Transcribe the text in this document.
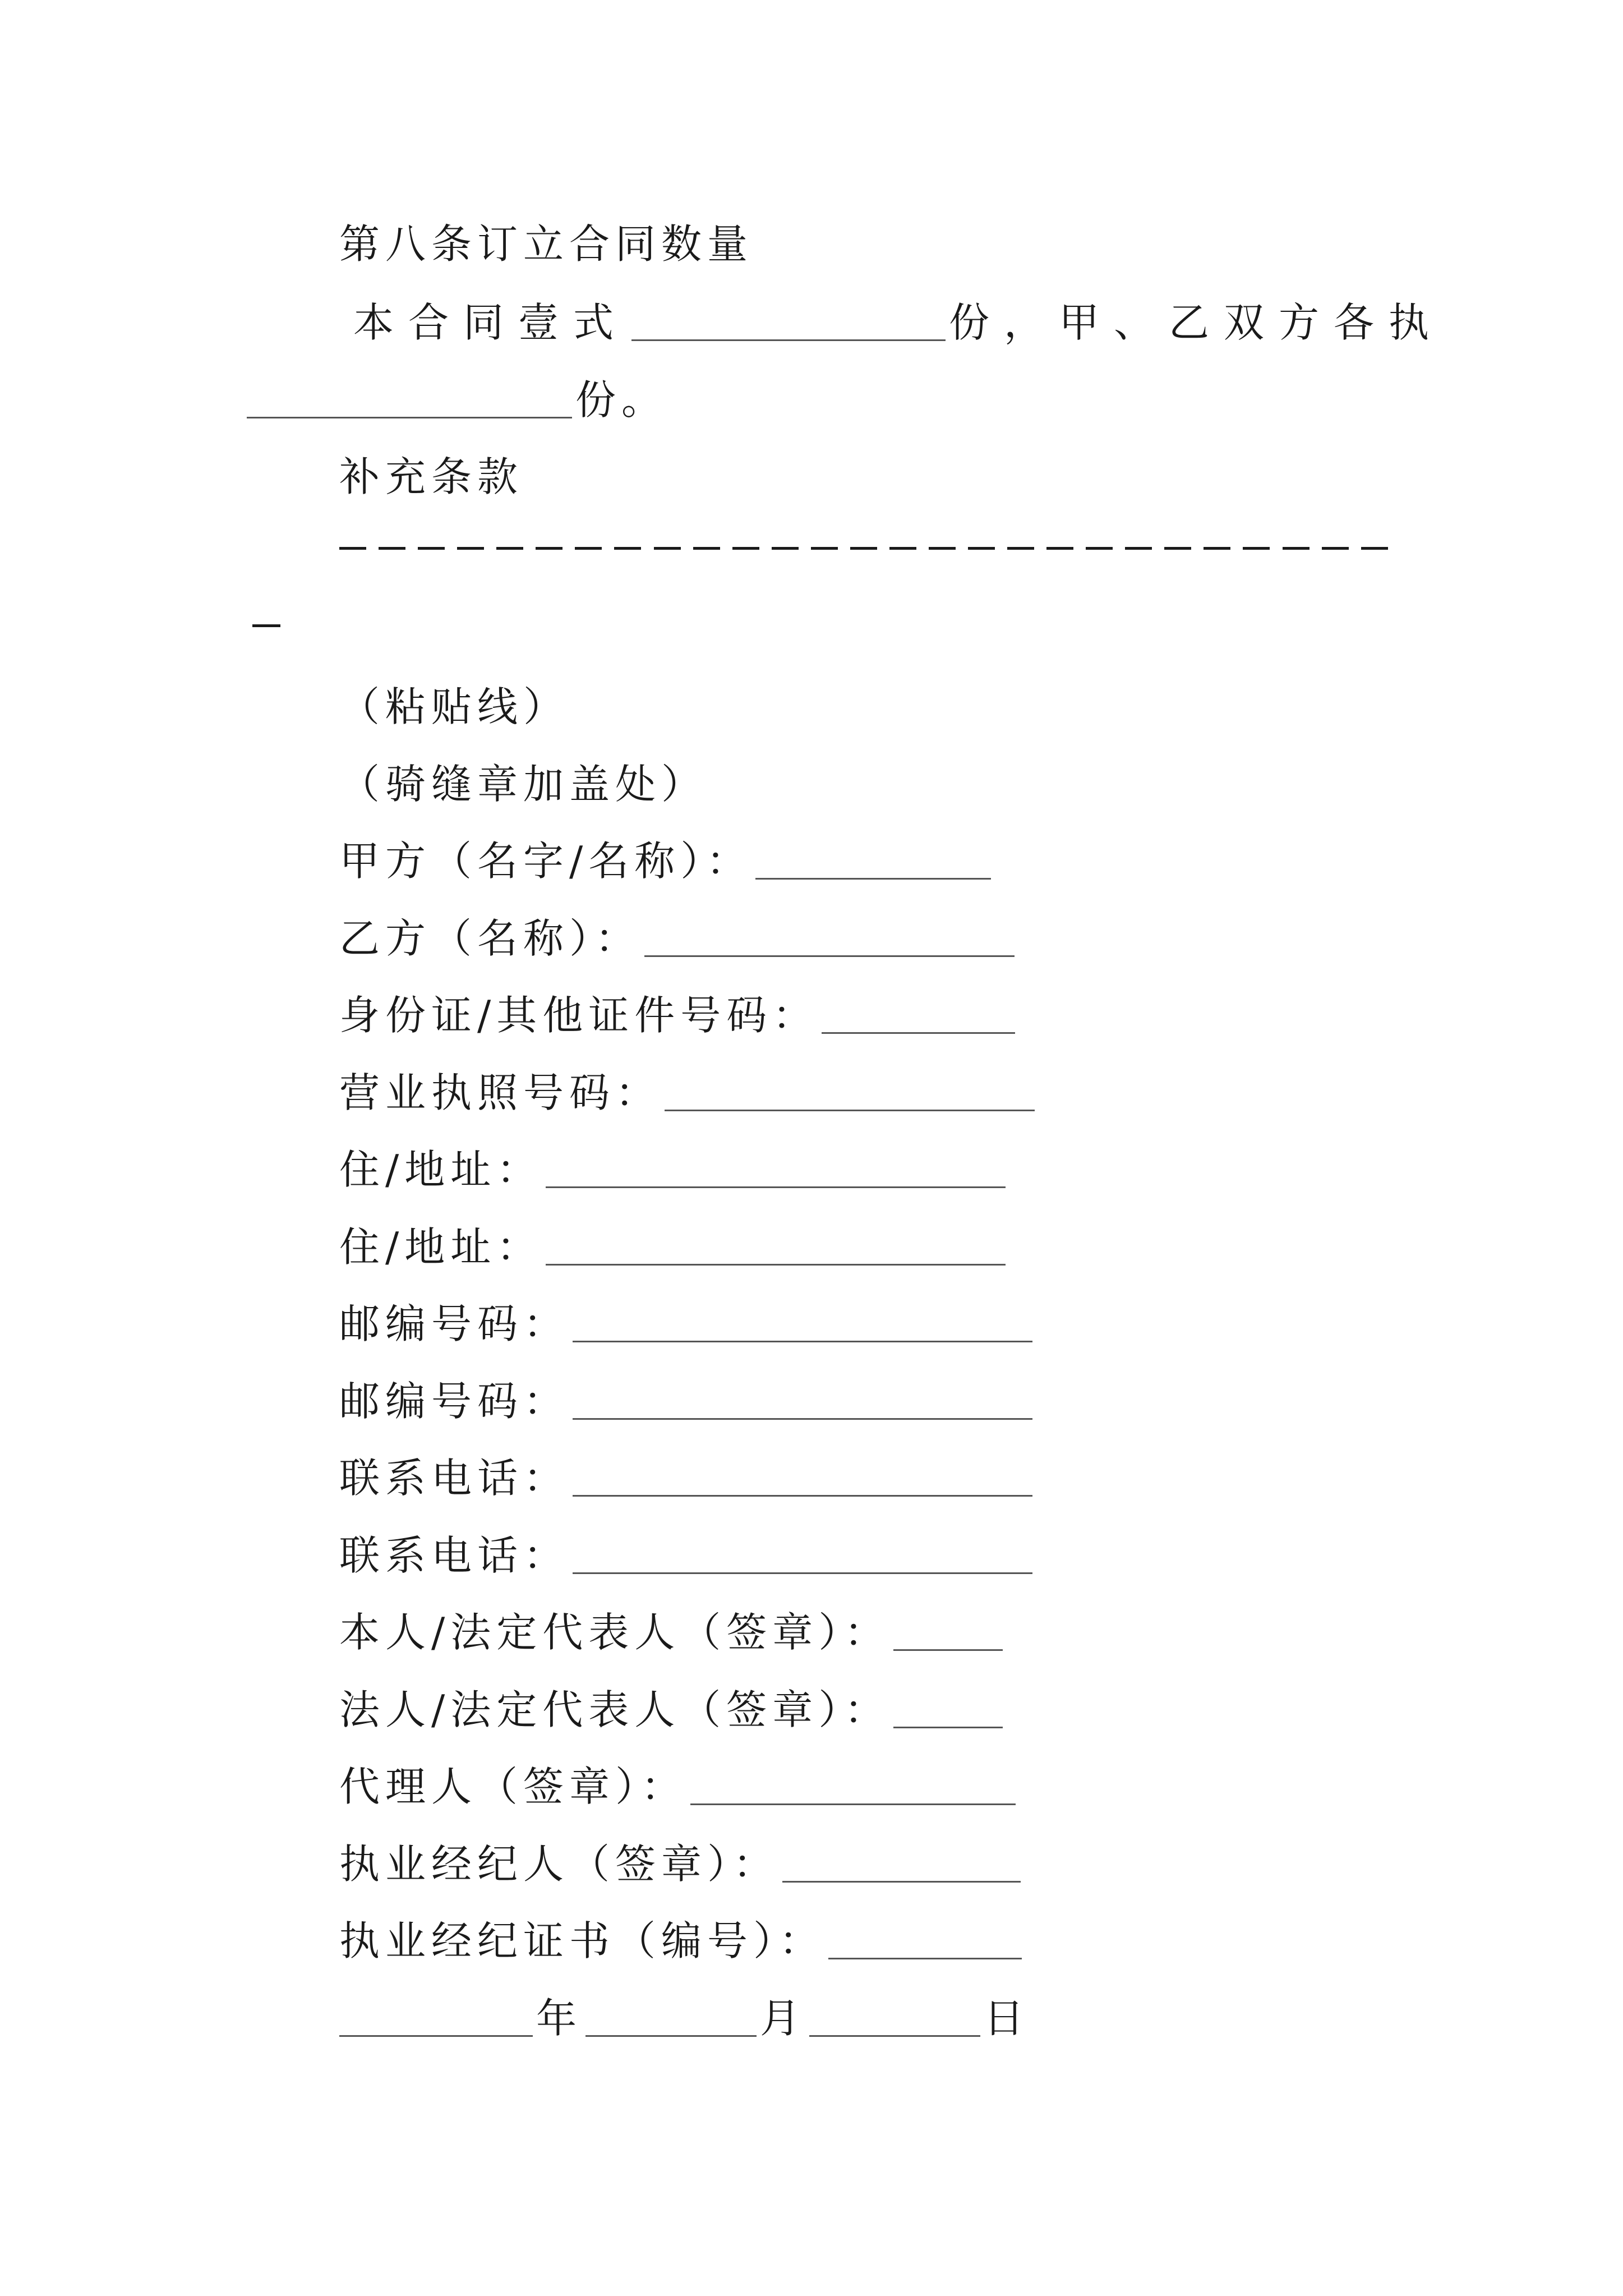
第八条订立合同数量
本合同壹式	份，甲、乙双方各执
份。
补充条款
（粘贴线）
（骑缝章加盖处）
甲方（名字/名称）：
乙方（名称）：
身份证/其他证件号码：
营业执照号码：
住/地址：
住/地址：
邮编号码：
邮编号码：
联系电话：
联系电话：
本人/法定代表人（签章）：
法人/法定代表人（签章）：
代理人（签章）：
执业经纪人（签章）：
执业经纪证书（编号）：
年	月	日
